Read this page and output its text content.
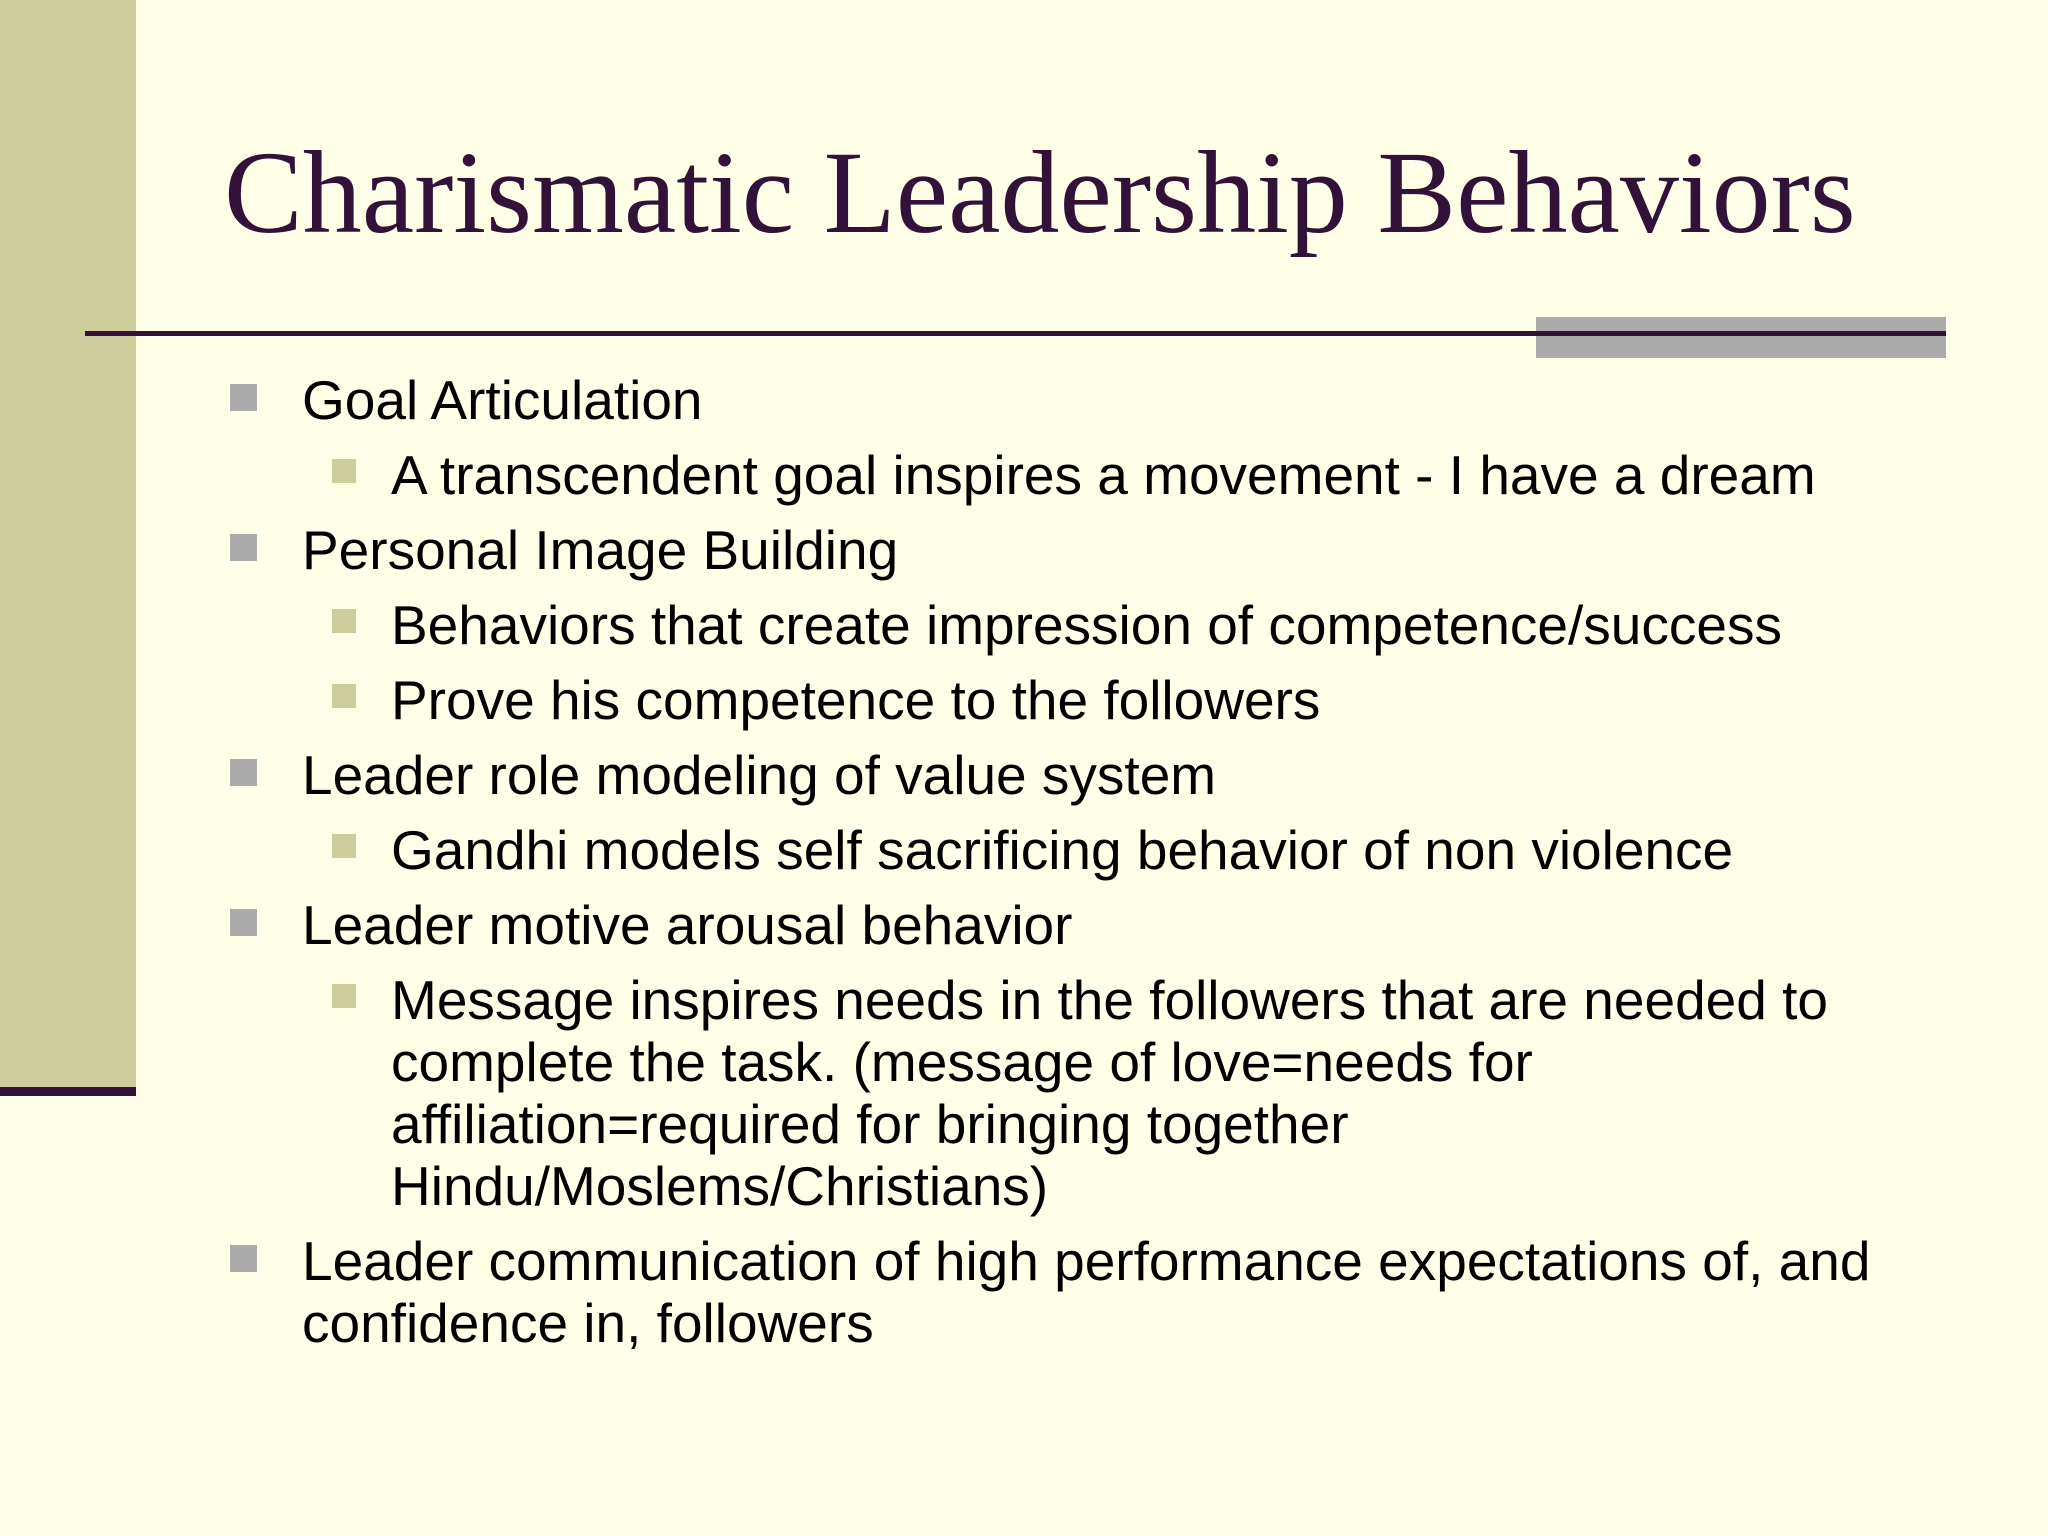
Charismatic Leadership Behaviors
Goal Articulation
A transcendent goal inspires a movement - I have a dream
Personal Image Building
Behaviors that create impression of competence/success
Prove his competence to the followers
Leader role modeling of value system
Gandhi models self sacrificing behavior of non violence
Leader motive arousal behavior
Message inspires needs in the followers that are needed to complete the task. (message of love=needs for affiliation=required for bringing together Hindu/Moslems/Christians)
Leader communication of high performance expectations of, and confidence in, followers
